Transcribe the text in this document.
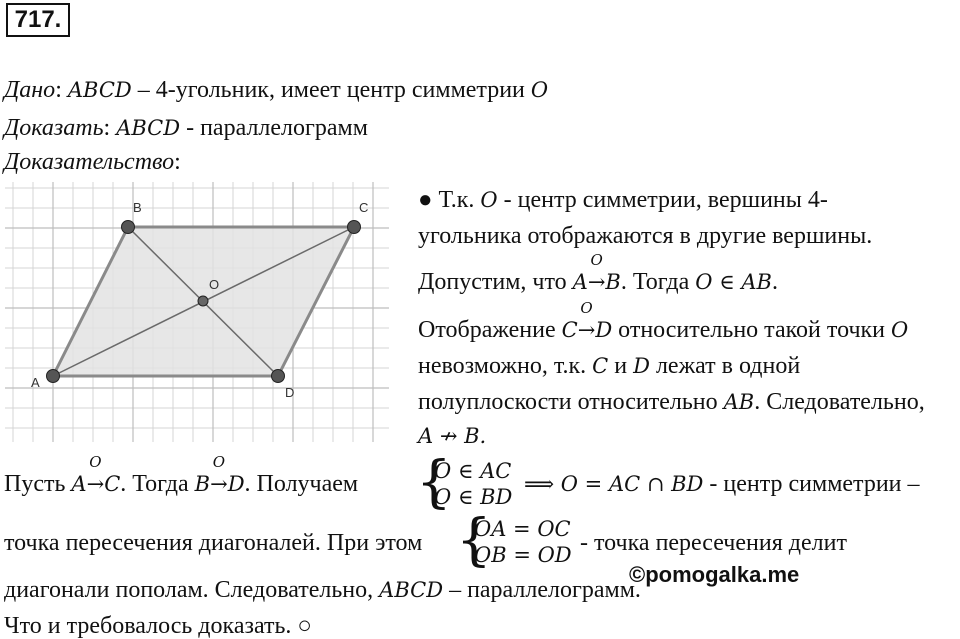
717.
Дано: ABCD – 4-угольник, имеет центр симметрии O
Доказать: ABCD - параллелограмм
Доказательство:
A
B	C
D
O
● Т.к. O - центр симметрии, вершины 4-
угольника отображаются в другие вершины.
Допустим, что A
O
→B. Тогда O ∈ AB.
Отображение C
O
→D относительно такой точки O
невозможно, т.к. C и D лежат в одной
полуплоскости относительно AB. Следовательно,
A ↛ B.
Пусть A
O
→C. Тогда B
O
→D. Получаем {
O ∈ AC
O ∈ BD
⟹ O = AC ∩ BD - центр симметрии –
точка пересечения диагоналей. При этом {
OA = OC
OB = OD - точка пересечения делит
диагонали пополам. Следовательно, ABCD – параллелограмм.
©pomogalka.me
Что и требовалось доказать. ○
